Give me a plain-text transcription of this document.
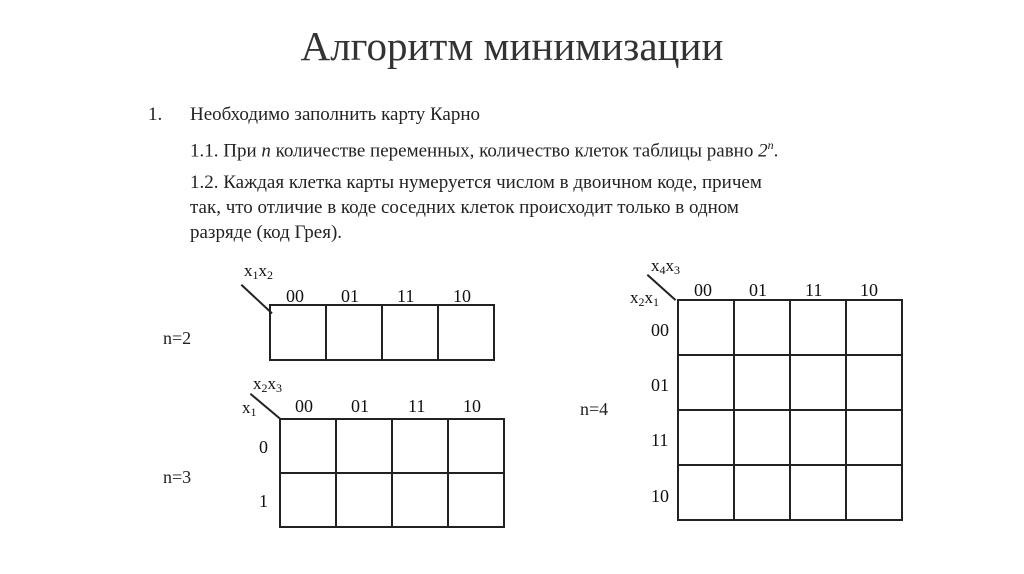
Алгоритм минимизации
1. Необходимо заполнить карту Карно
1.1. При n количестве переменных, количество клеток таблицы равно 2$^n$.
1.2. Каждая клетка карты нумеруется числом в двоичном коде, причем
так, что отличие в коде соседних клеток происходит только в одном
разряде (код Грея).
n=2
$x_1x_2$
00 01 11 10

n=3
$x_2x_3$
$x_1$ 00 01 11 10
0
1

n=4
$x_4x_3$
$x_2x_1$
00 01 11 10
00
01
11
10
